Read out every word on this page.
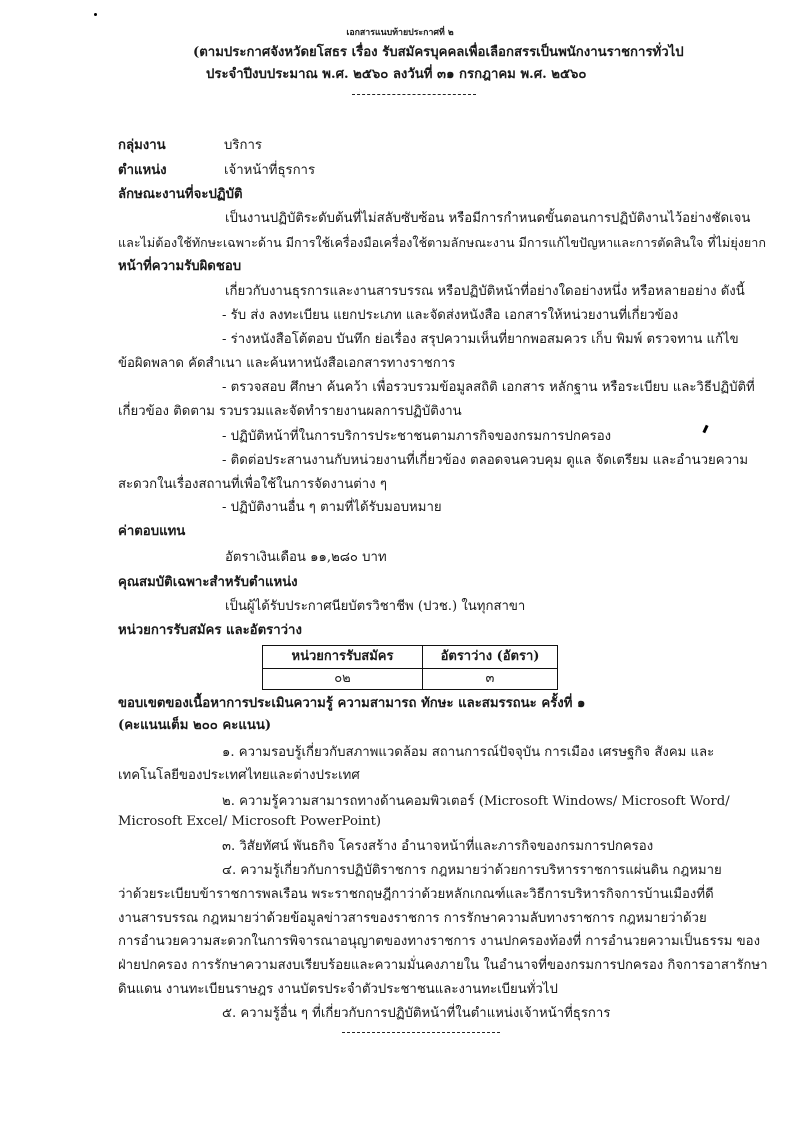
เอกสารแนบท้ายประกาศที่ ๒
(ตามประกาศจังหวัดยโสธร เรื่อง รับสมัครบุคคลเพื่อเลือกสรรเป็นพนักงานราชการทั่วไป
ประจำปีงบประมาณ พ.ศ. ๒๕๖๐ ลงวันที่ ๓๑ กรกฎาคม พ.ศ. ๒๕๖๐
กลุ่มงาน	บริการ
ตำแหน่ง	เจ้าหน้าที่ธุรการ
ลักษณะงานที่จะปฏิบัติ
เป็นงานปฏิบัติระดับต้นที่ไม่สลับซับซ้อน หรือมีการกำหนดขั้นตอนการปฏิบัติงานไว้อย่างชัดเจน
และไม่ต้องใช้ทักษะเฉพาะด้าน มีการใช้เครื่องมือเครื่องใช้ตามลักษณะงาน มีการแก้ไขปัญหาและการตัดสินใจ ที่ไม่ยุ่งยาก
หน้าที่ความรับผิดชอบ
เกี่ยวกับงานธุรการและงานสารบรรณ หรือปฏิบัติหน้าที่อย่างใดอย่างหนึ่ง หรือหลายอย่าง ดังนี้
- รับ ส่ง ลงทะเบียน แยกประเภท และจัดส่งหนังสือ เอกสารให้หน่วยงานที่เกี่ยวข้อง
- ร่างหนังสือโต้ตอบ บันทึก ย่อเรื่อง สรุปความเห็นที่ยากพอสมควร เก็บ พิมพ์ ตรวจทาน แก้ไข
ข้อผิดพลาด คัดสำเนา และค้นหาหนังสือเอกสารทางราชการ
- ตรวจสอบ ศึกษา ค้นคว้า เพื่อรวบรวมข้อมูลสถิติ เอกสาร หลักฐาน หรือระเบียบ และวิธีปฏิบัติที่
เกี่ยวข้อง ติดตาม รวบรวมและจัดทำรายงานผลการปฏิบัติงาน
- ปฏิบัติหน้าที่ในการบริการประชาชนตามภารกิจของกรมการปกครอง
- ติดต่อประสานงานกับหน่วยงานที่เกี่ยวข้อง ตลอดจนควบคุม ดูแล จัดเตรียม และอำนวยความ
สะดวกในเรื่องสถานที่เพื่อใช้ในการจัดงานต่าง ๆ
- ปฏิบัติงานอื่น ๆ ตามที่ได้รับมอบหมาย
ค่าตอบแทน
อัตราเงินเดือน ๑๑,๒๘๐ บาท
คุณสมบัติเฉพาะสำหรับตำแหน่ง
เป็นผู้ได้รับประกาศนียบัตรวิชาชีพ (ปวช.) ในทุกสาขา
หน่วยการรับสมัคร และอัตราว่าง
หน่วยการรับสมัคร	อัตราว่าง (อัตรา)
๐๒	๓
ขอบเขตของเนื้อหาการประเมินความรู้ ความสามารถ ทักษะ และสมรรถนะ ครั้งที่ ๑
(คะแนนเต็ม ๒๐๐ คะแนน)
๑. ความรอบรู้เกี่ยวกับสภาพแวดล้อม สถานการณ์ปัจจุบัน การเมือง เศรษฐกิจ สังคม และ
เทคโนโลยีของประเทศไทยและต่างประเทศ
๒. ความรู้ความสามารถทางด้านคอมพิวเตอร์ (Microsoft Windows/ Microsoft Word/
Microsoft Excel/ Microsoft PowerPoint)
๓. วิสัยทัศน์ พันธกิจ โครงสร้าง อำนาจหน้าที่และภารกิจของกรมการปกครอง
๔. ความรู้เกี่ยวกับการปฏิบัติราชการ กฎหมายว่าด้วยการบริหารราชการแผ่นดิน กฎหมาย
ว่าด้วยระเบียบข้าราชการพลเรือน พระราชกฤษฎีกาว่าด้วยหลักเกณฑ์และวิธีการบริหารกิจการบ้านเมืองที่ดี
งานสารบรรณ กฎหมายว่าด้วยข้อมูลข่าวสารของราชการ การรักษาความลับทางราชการ กฎหมายว่าด้วย
การอำนวยความสะดวกในการพิจารณาอนุญาตของทางราชการ งานปกครองท้องที่ การอำนวยความเป็นธรรม ของ
ฝ่ายปกครอง การรักษาความสงบเรียบร้อยและความมั่นคงภายใน ในอำนาจที่ของกรมการปกครอง กิจการอาสารักษา
ดินแดน งานทะเบียนราษฎร งานบัตรประจำตัวประชาชนและงานทะเบียนทั่วไป
๕. ความรู้อื่น ๆ ที่เกี่ยวกับการปฏิบัติหน้าที่ในตำแหน่งเจ้าหน้าที่ธุรการ
